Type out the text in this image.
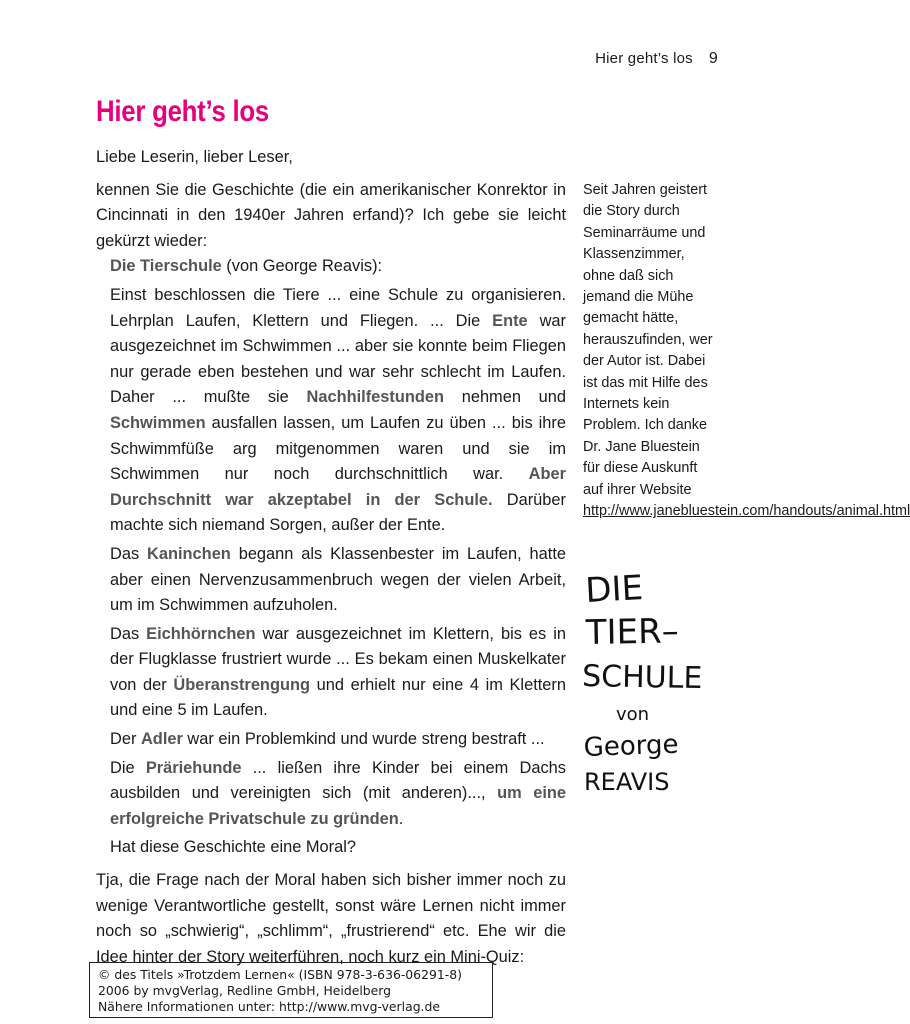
Hier geht’s los 9
Hier geht’s los

Liebe Leserin, lieber Leser,

kennen Sie die Geschichte (die ein amerikanischer Konrektor in Cincinnati in den 1940er Jahren erfand)? Ich gebe sie leicht gekürzt wieder:

Die Tierschule (von George Reavis):

Einst beschlossen die Tiere ... eine Schule zu organisieren. Lehrplan Laufen, Klettern und Fliegen. ... Die Ente war ausgezeichnet im Schwimmen ... aber sie konnte beim Fliegen nur gerade eben bestehen und war sehr schlecht im Laufen. Daher ... mußte sie Nachhilfestunden nehmen und Schwimmen ausfallen lassen, um Laufen zu üben ... bis ihre Schwimmfüße arg mitgenommen waren und sie im Schwimmen nur noch durchschnittlich war. Aber Durchschnitt war akzeptabel in der Schule. Darüber machte sich niemand Sorgen, außer der Ente.

Das Kaninchen begann als Klassenbester im Laufen, hatte aber einen Nervenzusammenbruch wegen der vielen Arbeit, um im Schwimmen aufzuholen.

Das Eichhörnchen war ausgezeichnet im Klettern, bis es in der Flugklasse frustriert wurde ... Es bekam einen Muskelkater von der Überanstrengung und erhielt nur eine 4 im Klettern und eine 5 im Laufen.

Der Adler war ein Problemkind und wurde streng bestraft ...

Die Präriehunde ... ließen ihre Kinder bei einem Dachs ausbilden und vereinigten sich (mit anderen)..., um eine erfolgreiche Privatschule zu gründen.

Hat diese Geschichte eine Moral?

Tja, die Frage nach der Moral haben sich bisher immer noch zu wenige Verantwortliche gestellt, sonst wäre Lernen nicht immer noch so „schwierig“, „schlimm“, „frustrierend“ etc. Ehe wir die Idee hinter der Story weiterführen, noch kurz ein Mini-Quiz:

Seit Jahren geistert die Story durch Seminarräume und Klassenzimmer, ohne daß sich jemand die Mühe gemacht hätte, herauszufinden, wer der Autor ist. Dabei ist das mit Hilfe des Internets kein Problem. Ich danke Dr. Jane Bluestein für diese Auskunft auf ihrer Website http://www.janebluestein.com/handouts/animal.html
DIE
TIER–
SCHULE
von
George
REAVIS
© des Titels »Trotzdem Lernen« (ISBN 978-3-636-06291-8)
2006 by mvgVerlag, Redline GmbH, Heidelberg
Nähere Informationen unter: http://www.mvg-verlag.de
